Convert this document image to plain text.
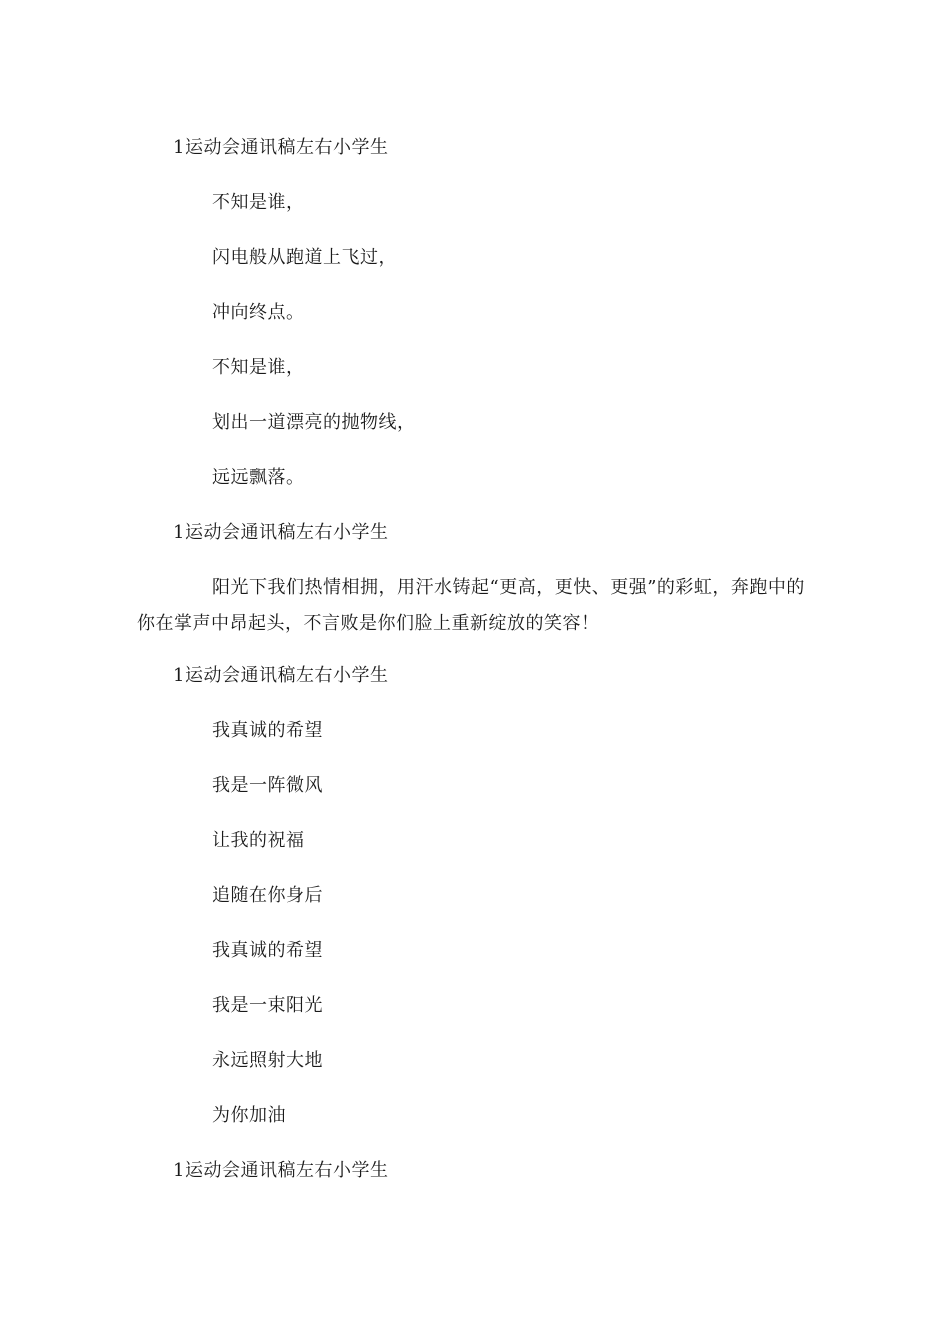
1运动会通讯稿左右小学生
不知是谁，
闪电般从跑道上飞过，
冲向终点。
不知是谁，
划出一道漂亮的抛物线，
远远飘落。
1运动会通讯稿左右小学生
阳光下我们热情相拥，用汗水铸起“更高，更快、更强”的彩虹，奔跑中的你在掌声中昂起头，不言败是你们脸上重新绽放的笑容！
1运动会通讯稿左右小学生
我真诚的希望
我是一阵微风
让我的祝福
追随在你身后
我真诚的希望
我是一束阳光
永远照射大地
为你加油
1运动会通讯稿左右小学生
